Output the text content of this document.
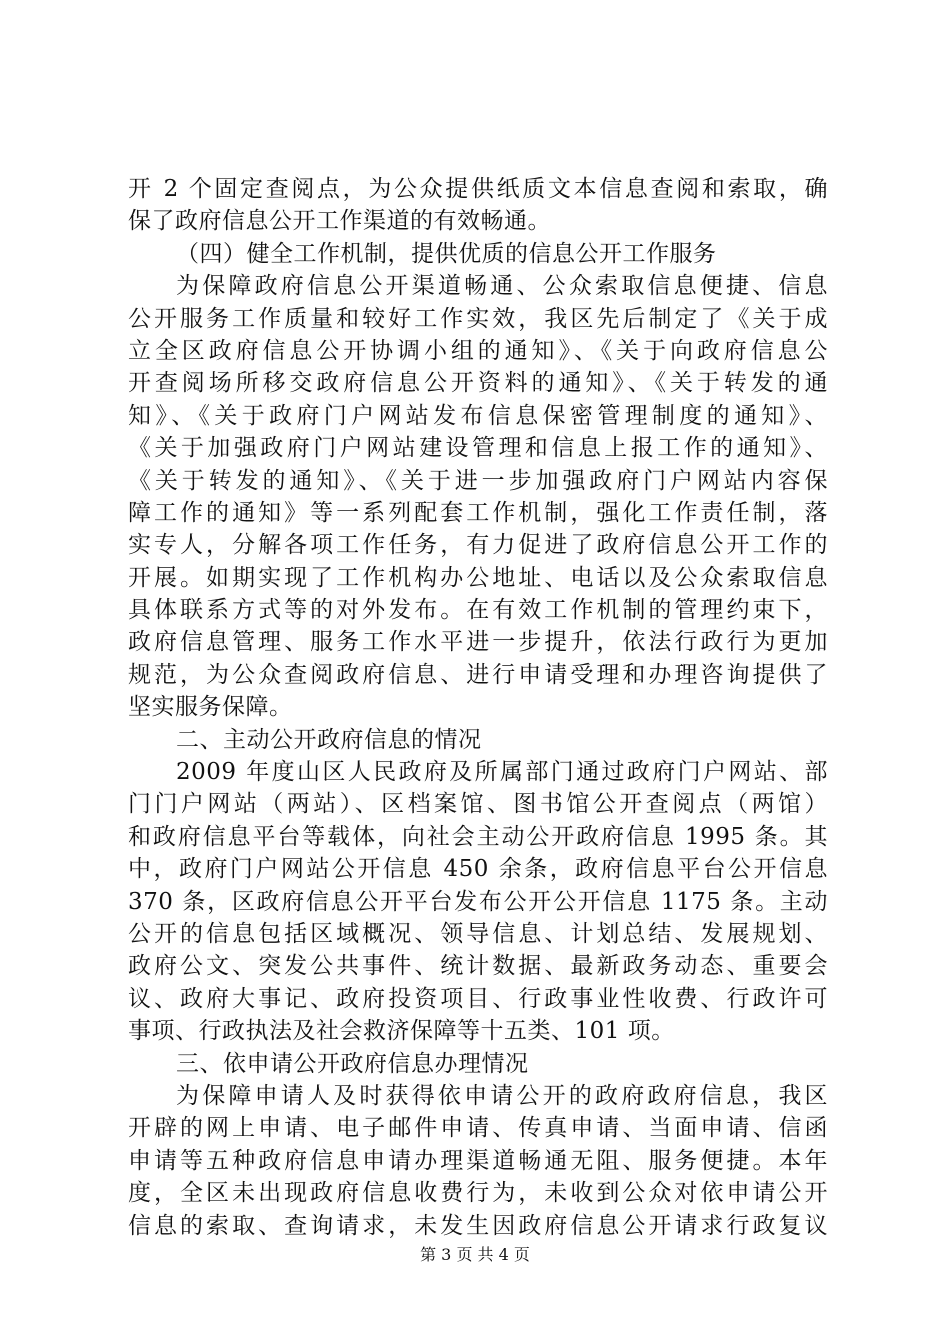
开 2 个固定查阅点，为公众提供纸质文本信息查阅和索取，确
保了政府信息公开工作渠道的有效畅通。
（四）健全工作机制，提供优质的信息公开工作服务
为保障政府信息公开渠道畅通、公众索取信息便捷、信息
公开服务工作质量和较好工作实效，我区先后制定了《关于成
立全区政府信息公开协调小组的通知》、《关于向政府信息公
开查阅场所移交政府信息公开资料的通知》、《关于转发的通
知》、《关于政府门户网站发布信息保密管理制度的通知》、
《关于加强政府门户网站建设管理和信息上报工作的通知》、
《关于转发的通知》、《关于进一步加强政府门户网站内容保
障工作的通知》等一系列配套工作机制，强化工作责任制，落
实专人，分解各项工作任务，有力促进了政府信息公开工作的
开展。如期实现了工作机构办公地址、电话以及公众索取信息
具体联系方式等的对外发布。在有效工作机制的管理约束下，
政府信息管理、服务工作水平进一步提升，依法行政行为更加
规范，为公众查阅政府信息、进行申请受理和办理咨询提供了
坚实服务保障。
二、主动公开政府信息的情况
2009 年度山区人民政府及所属部门通过政府门户网站、部
门门户网站（两站）、区档案馆、图书馆公开查阅点（两馆）
和政府信息平台等载体，向社会主动公开政府信息 1995 条。其
中，政府门户网站公开信息 450 余条，政府信息平台公开信息
370 条，区政府信息公开平台发布公开公开信息 1175 条。主动
公开的信息包括区域概况、领导信息、计划总结、发展规划、
政府公文、突发公共事件、统计数据、最新政务动态、重要会
议、政府大事记、政府投资项目、行政事业性收费、行政许可
事项、行政执法及社会救济保障等十五类、101 项。
三、依申请公开政府信息办理情况
为保障申请人及时获得依申请公开的政府政府信息，我区
开辟的网上申请、电子邮件申请、传真申请、当面申请、信函
申请等五种政府信息申请办理渠道畅通无阻、服务便捷。本年
度，全区未出现政府信息收费行为，未收到公众对依申请公开
信息的索取、查询请求，未发生因政府信息公开请求行政复议
第 3 页 共 4 页
